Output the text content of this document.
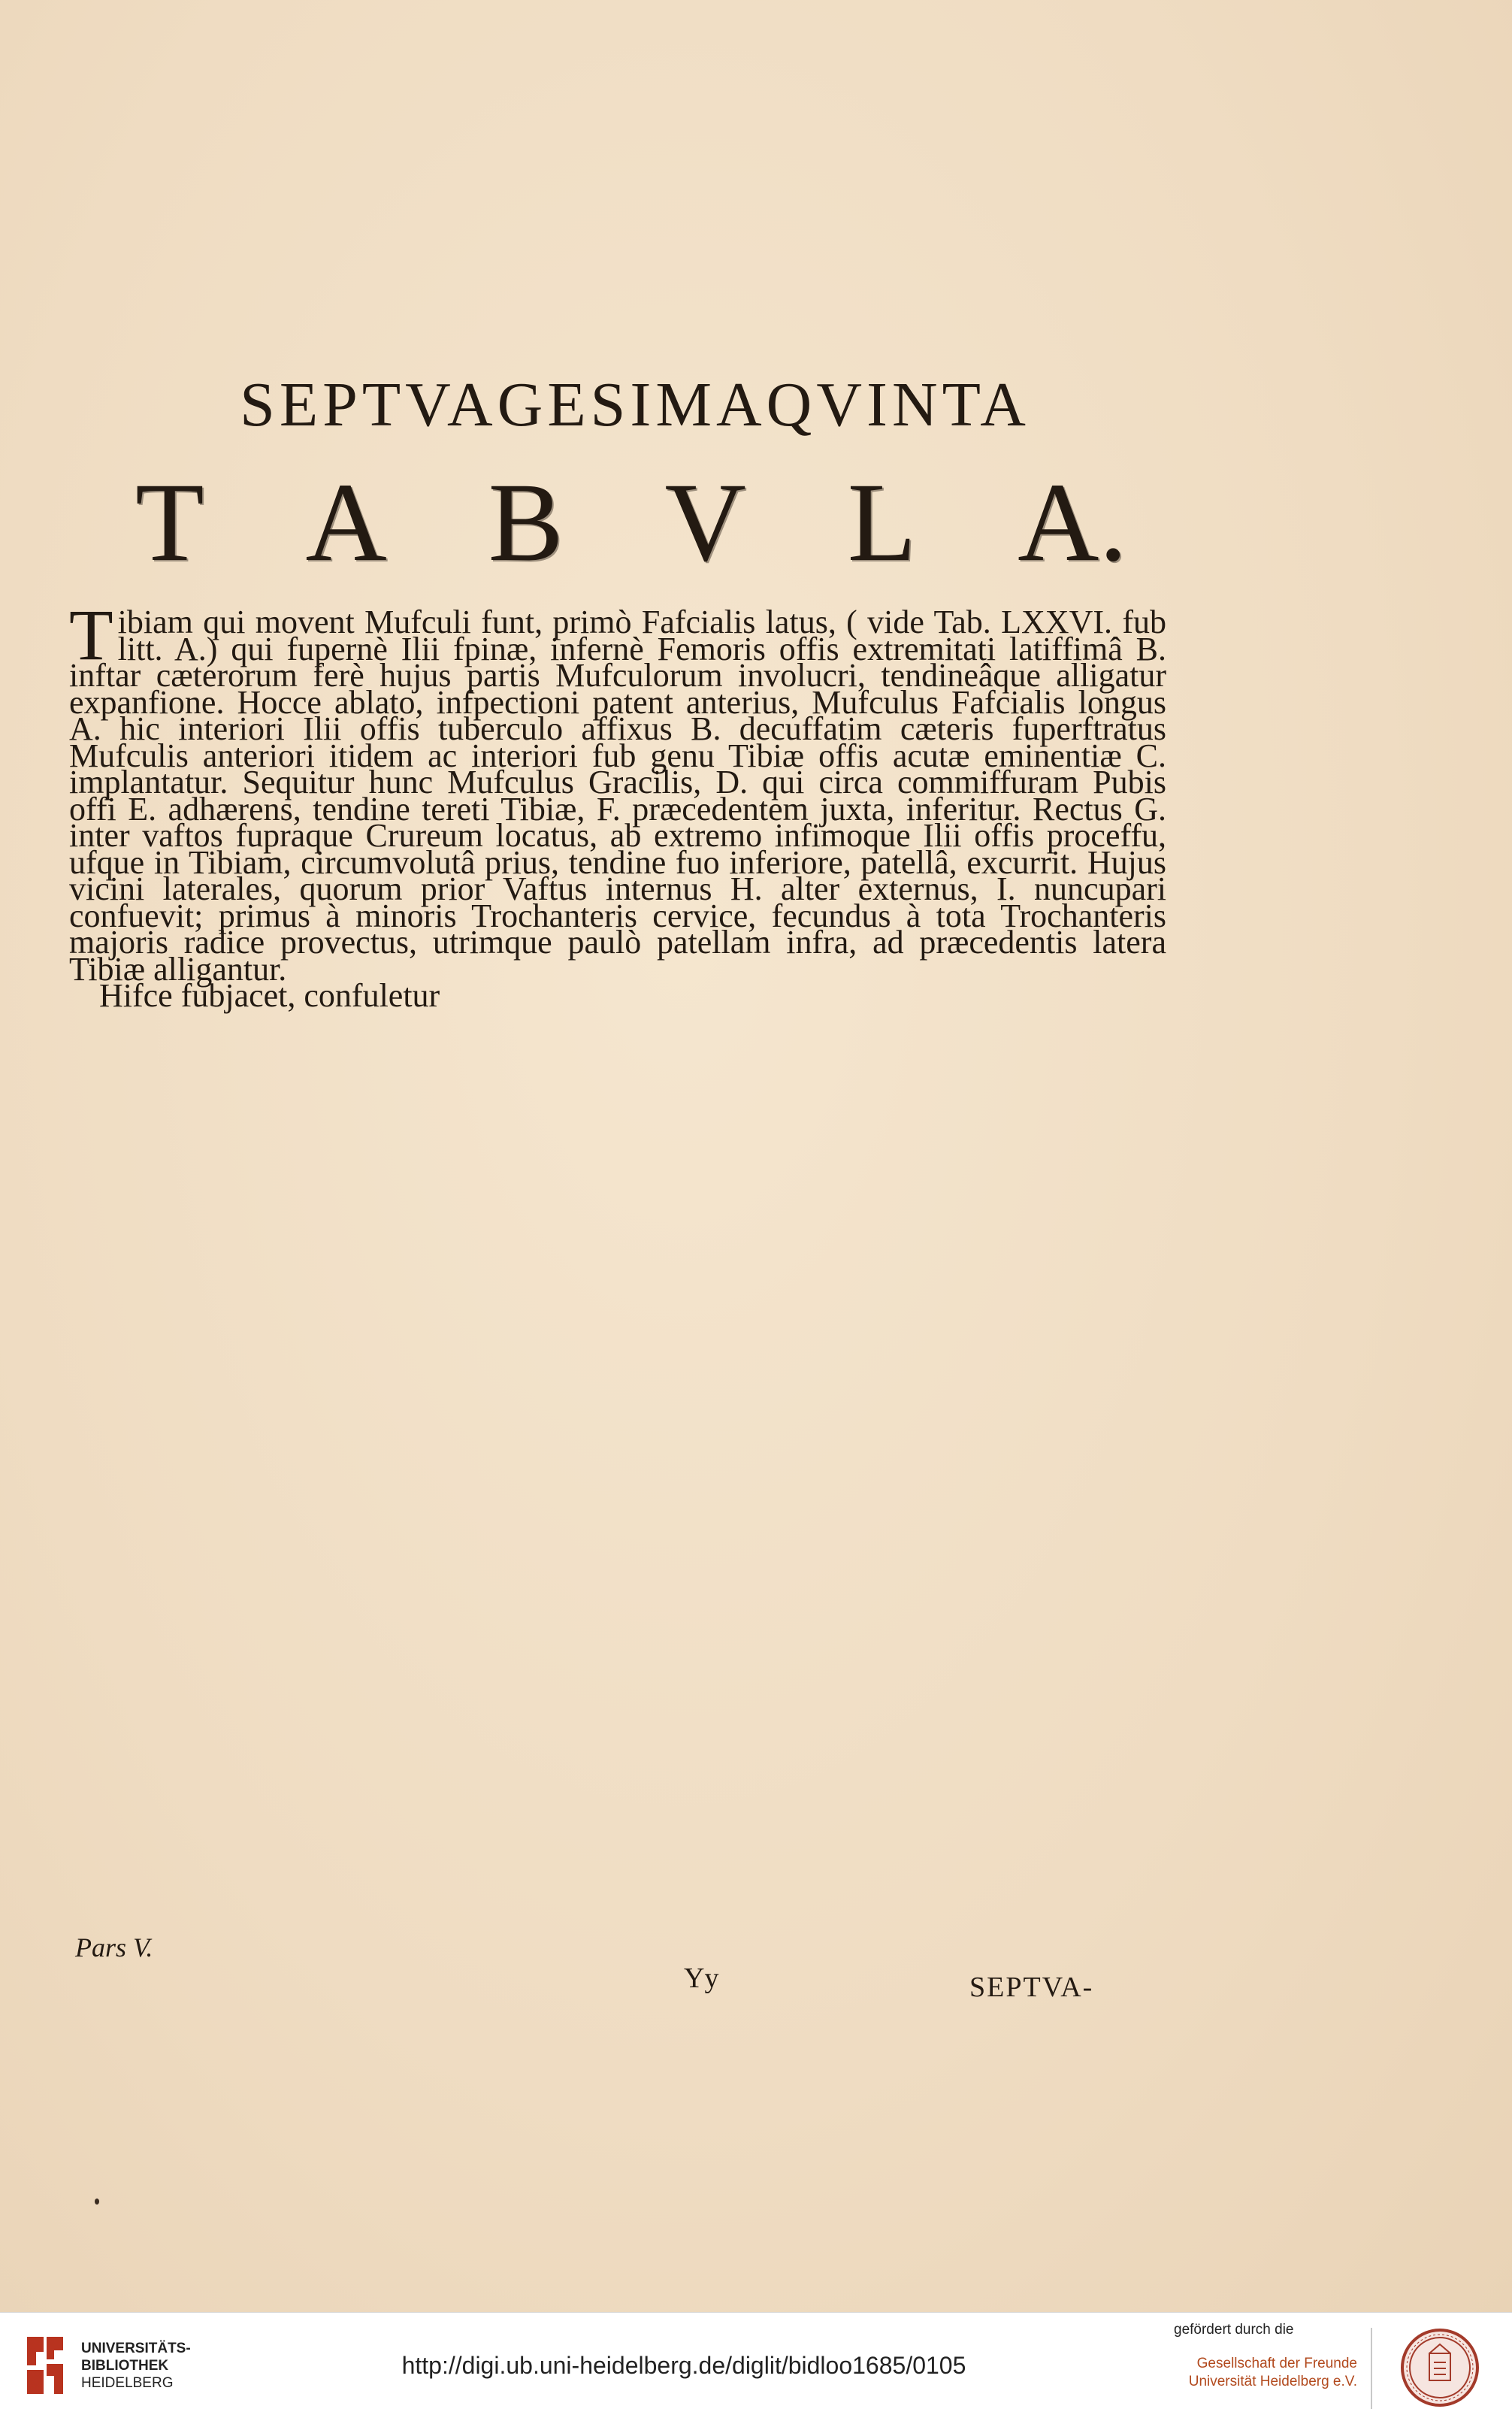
SEPTVAGESIMAQVINTA
T A B V L A.

Tibiam qui movent Mufculi funt, primò Fafcialis latus, ( vide Tab. LXXVI. fub litt. A.) qui fupernè Ilii fpinæ, infernè Femoris offis extremitati latiffimâ B. inftar cæterorum ferè hujus partis Mufculorum involucri, tendineâque alligatur expanfione. Hocce ablato, infpectioni patent anterius, Mufculus Fafcialis longus A. hic interiori Ilii offis tuberculo affixus B. decuffatim cæteris fuperftratus Mufculis anteriori itidem ac interiori fub genu Tibiæ offis acutæ eminentiæ C. implantatur. Sequitur hunc Mufculus Gracilis, D. qui circa commiffuram Pubis offi E. adhærens, tendine tereti Tibiæ, F. præcedentem juxta, inferitur. Rectus G. inter vaftos fupraque Crureum locatus, ab extremo infimoque Ilii offis proceffu, ufque in Tibiam, circumvolutâ prius, tendine fuo inferiore, patellâ, excurrit. Hujus vicini laterales, quorum prior Vaftus internus H. alter externus, I. nuncupari confuevit; primus à minoris Trochanteris cervice, fecundus à tota Trochanteris majoris radice provectus, utrimque paulò patellam infra, ad præcedentis latera Tibiæ alligantur.

Hifce fubjacet, confuletur

Pars V.
Yy	SEPTVA-
UNIVERSITÄTS-
BIBLIOTHEK
HEIDELBERG
http://digi.ub.uni-heidelberg.de/diglit/bidloo1685/0105
gefördert durch die
Gesellschaft der Freunde
Universität Heidelberg e.V.
